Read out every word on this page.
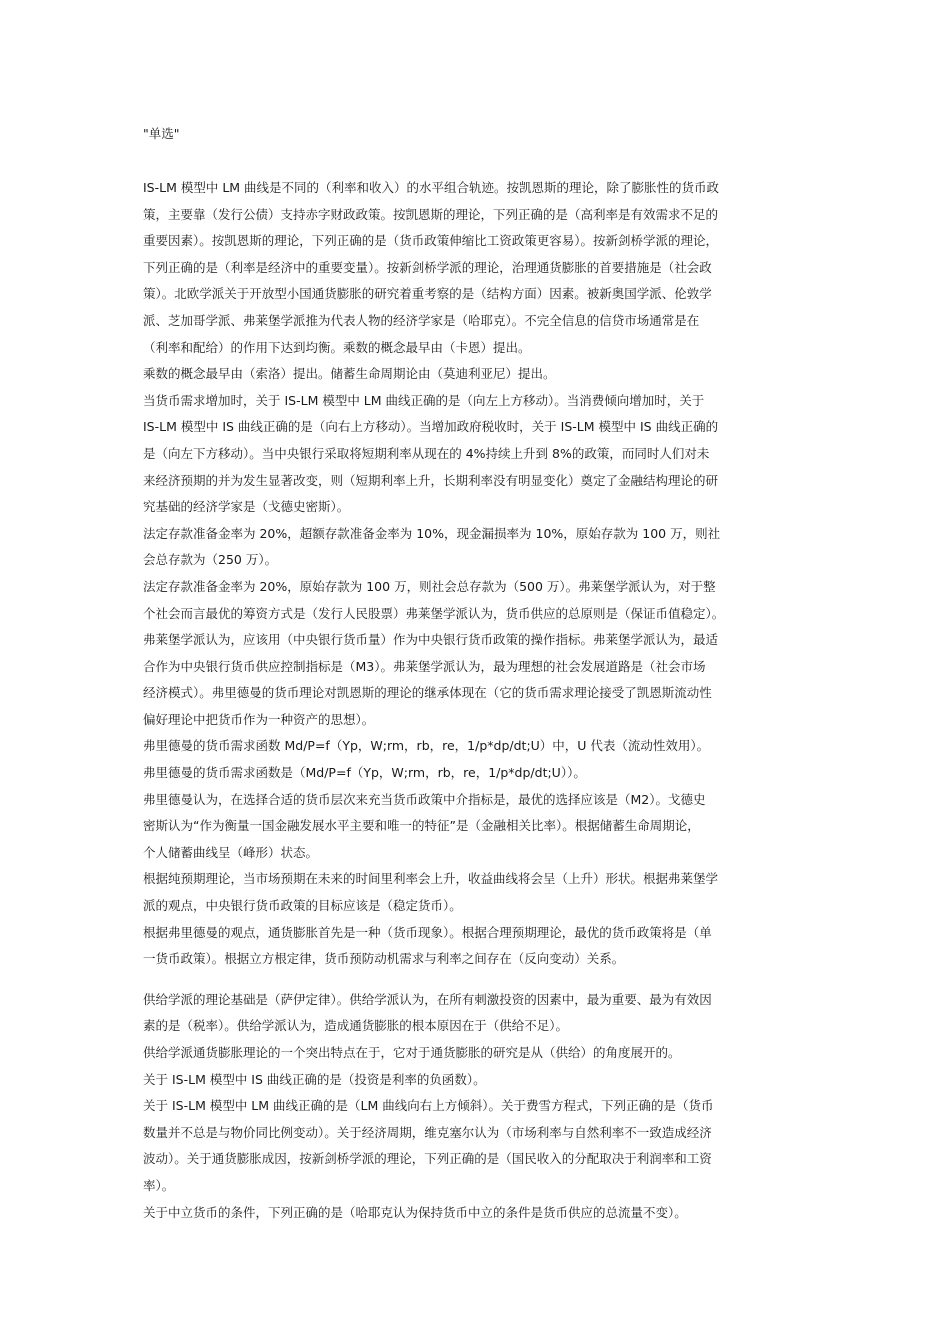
"单选"

IS-LM 模型中 LM 曲线是不同的（利率和收入）的水平组合轨迹。按凯恩斯的理论，除了膨胀性的货币政
策，主要靠（发行公债）支持赤字财政政策。按凯恩斯的理论，下列正确的是（高利率是有效需求不足的
重要因素）。按凯恩斯的理论，下列正确的是（货币政策伸缩比工资政策更容易）。按新剑桥学派的理论，
下列正确的是（利率是经济中的重要变量）。按新剑桥学派的理论，治理通货膨胀的首要措施是（社会政
策）。北欧学派关于开放型小国通货膨胀的研究着重考察的是（结构方面）因素。被新奥国学派、伦敦学
派、芝加哥学派、弗莱堡学派推为代表人物的经济学家是（哈耶克）。不完全信息的信贷市场通常是在
（利率和配给）的作用下达到均衡。乘数的概念最早由（卡恩）提出。

乘数的概念最早由（索洛）提出。储蓄生命周期论由（莫迪利亚尼）提出。

当货币需求增加时，关于 IS-LM 模型中 LM 曲线正确的是（向左上方移动）。当消费倾向增加时，关于
IS-LM 模型中 IS 曲线正确的是（向右上方移动）。当增加政府税收时，关于 IS-LM 模型中 IS 曲线正确的
是（向左下方移动）。当中央银行采取将短期利率从现在的 4%持续上升到 8%的政策，而同时人们对未
来经济预期的并为发生显著改变，则（短期利率上升，长期利率没有明显变化）奠定了金融结构理论的研
究基础的经济学家是（戈德史密斯）。

法定存款准备金率为 20%，超额存款准备金率为 10%，现金漏损率为 10%，原始存款为 100 万，则社
会总存款为（250 万）。

法定存款准备金率为 20%，原始存款为 100 万，则社会总存款为（500 万）。弗莱堡学派认为，对于整
个社会而言最优的筹资方式是（发行人民股票）弗莱堡学派认为，货币供应的总原则是（保证币值稳定）。
弗莱堡学派认为，应该用（中央银行货币量）作为中央银行货币政策的操作指标。弗莱堡学派认为，最适
合作为中央银行货币供应控制指标是（M3）。弗莱堡学派认为，最为理想的社会发展道路是（社会市场
经济模式）。弗里德曼的货币理论对凯恩斯的理论的继承体现在（它的货币需求理论接受了凯恩斯流动性
偏好理论中把货币作为一种资产的思想）。

弗里德曼的货币需求函数 Md/P=f（Yp，W;rm，rb，re，1/p*dp/dt;U）中，U 代表（流动性效用）。

弗里德曼的货币需求函数是（Md/P=f（Yp，W;rm，rb，re，1/p*dp/dt;U））。

弗里德曼认为，在选择合适的货币层次来充当货币政策中介指标是，最优的选择应该是（M2）。戈德史
密斯认为“作为衡量一国金融发展水平主要和唯一的特征”是（金融相关比率）。根据储蓄生命周期论，
个人储蓄曲线呈（峰形）状态。

根据纯预期理论，当市场预期在未来的时间里利率会上升，收益曲线将会呈（上升）形状。根据弗莱堡学
派的观点，中央银行货币政策的目标应该是（稳定货币）。

根据弗里德曼的观点，通货膨胀首先是一种（货币现象）。根据合理预期理论，最优的货币政策将是（单
一货币政策）。根据立方根定律，货币预防动机需求与利率之间存在（反向变动）关系。

供给学派的理论基础是（萨伊定律）。供给学派认为，在所有刺激投资的因素中，最为重要、最为有效因
素的是（税率）。供给学派认为，造成通货膨胀的根本原因在于（供给不足）。

供给学派通货膨胀理论的一个突出特点在于，它对于通货膨胀的研究是从（供给）的角度展开的。

关于 IS-LM 模型中 IS 曲线正确的是（投资是利率的负函数）。

关于 IS-LM 模型中 LM 曲线正确的是（LM 曲线向右上方倾斜）。关于费雪方程式，下列正确的是（货币
数量并不总是与物价同比例变动）。关于经济周期，维克塞尔认为（市场利率与自然利率不一致造成经济
波动）。关于通货膨胀成因，按新剑桥学派的理论，下列正确的是（国民收入的分配取决于利润率和工资
率）。

关于中立货币的条件，下列正确的是（哈耶克认为保持货币中立的条件是货币供应的总流量不变）。
